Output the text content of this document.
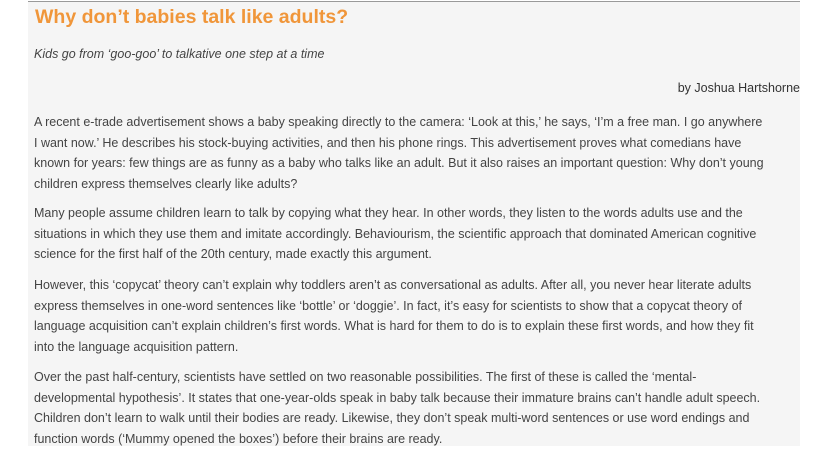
Why don’t babies talk like adults?

Kids go from ‘goo-goo’ to talkative one step at a time

by Joshua Hartshorne

A recent e-trade advertisement shows a baby speaking directly to the camera: ‘Look at this,’ he says, ‘I’m a free man. I go anywhere
I want now.’ He describes his stock-buying activities, and then his phone rings. This advertisement proves what comedians have
known for years: few things are as funny as a baby who talks like an adult. But it also raises an important question: Why don’t young
children express themselves clearly like adults?

Many people assume children learn to talk by copying what they hear. In other words, they listen to the words adults use and the
situations in which they use them and imitate accordingly. Behaviourism, the scientific approach that dominated American cognitive
science for the first half of the 20th century, made exactly this argument.

However, this ‘copycat’ theory can’t explain why toddlers aren’t as conversational as adults. After all, you never hear literate adults
express themselves in one-word sentences like ‘bottle’ or ‘doggie’. In fact, it’s easy for scientists to show that a copycat theory of
language acquisition can’t explain children’s first words. What is hard for them to do is to explain these first words, and how they fit
into the language acquisition pattern.

Over the past half-century, scientists have settled on two reasonable possibilities. The first of these is called the ‘mental-
developmental hypothesis’. It states that one-year-olds speak in baby talk because their immature brains can’t handle adult speech.
Children don’t learn to walk until their bodies are ready. Likewise, they don’t speak multi-word sentences or use word endings and
function words (‘Mummy opened the boxes’) before their brains are ready.
